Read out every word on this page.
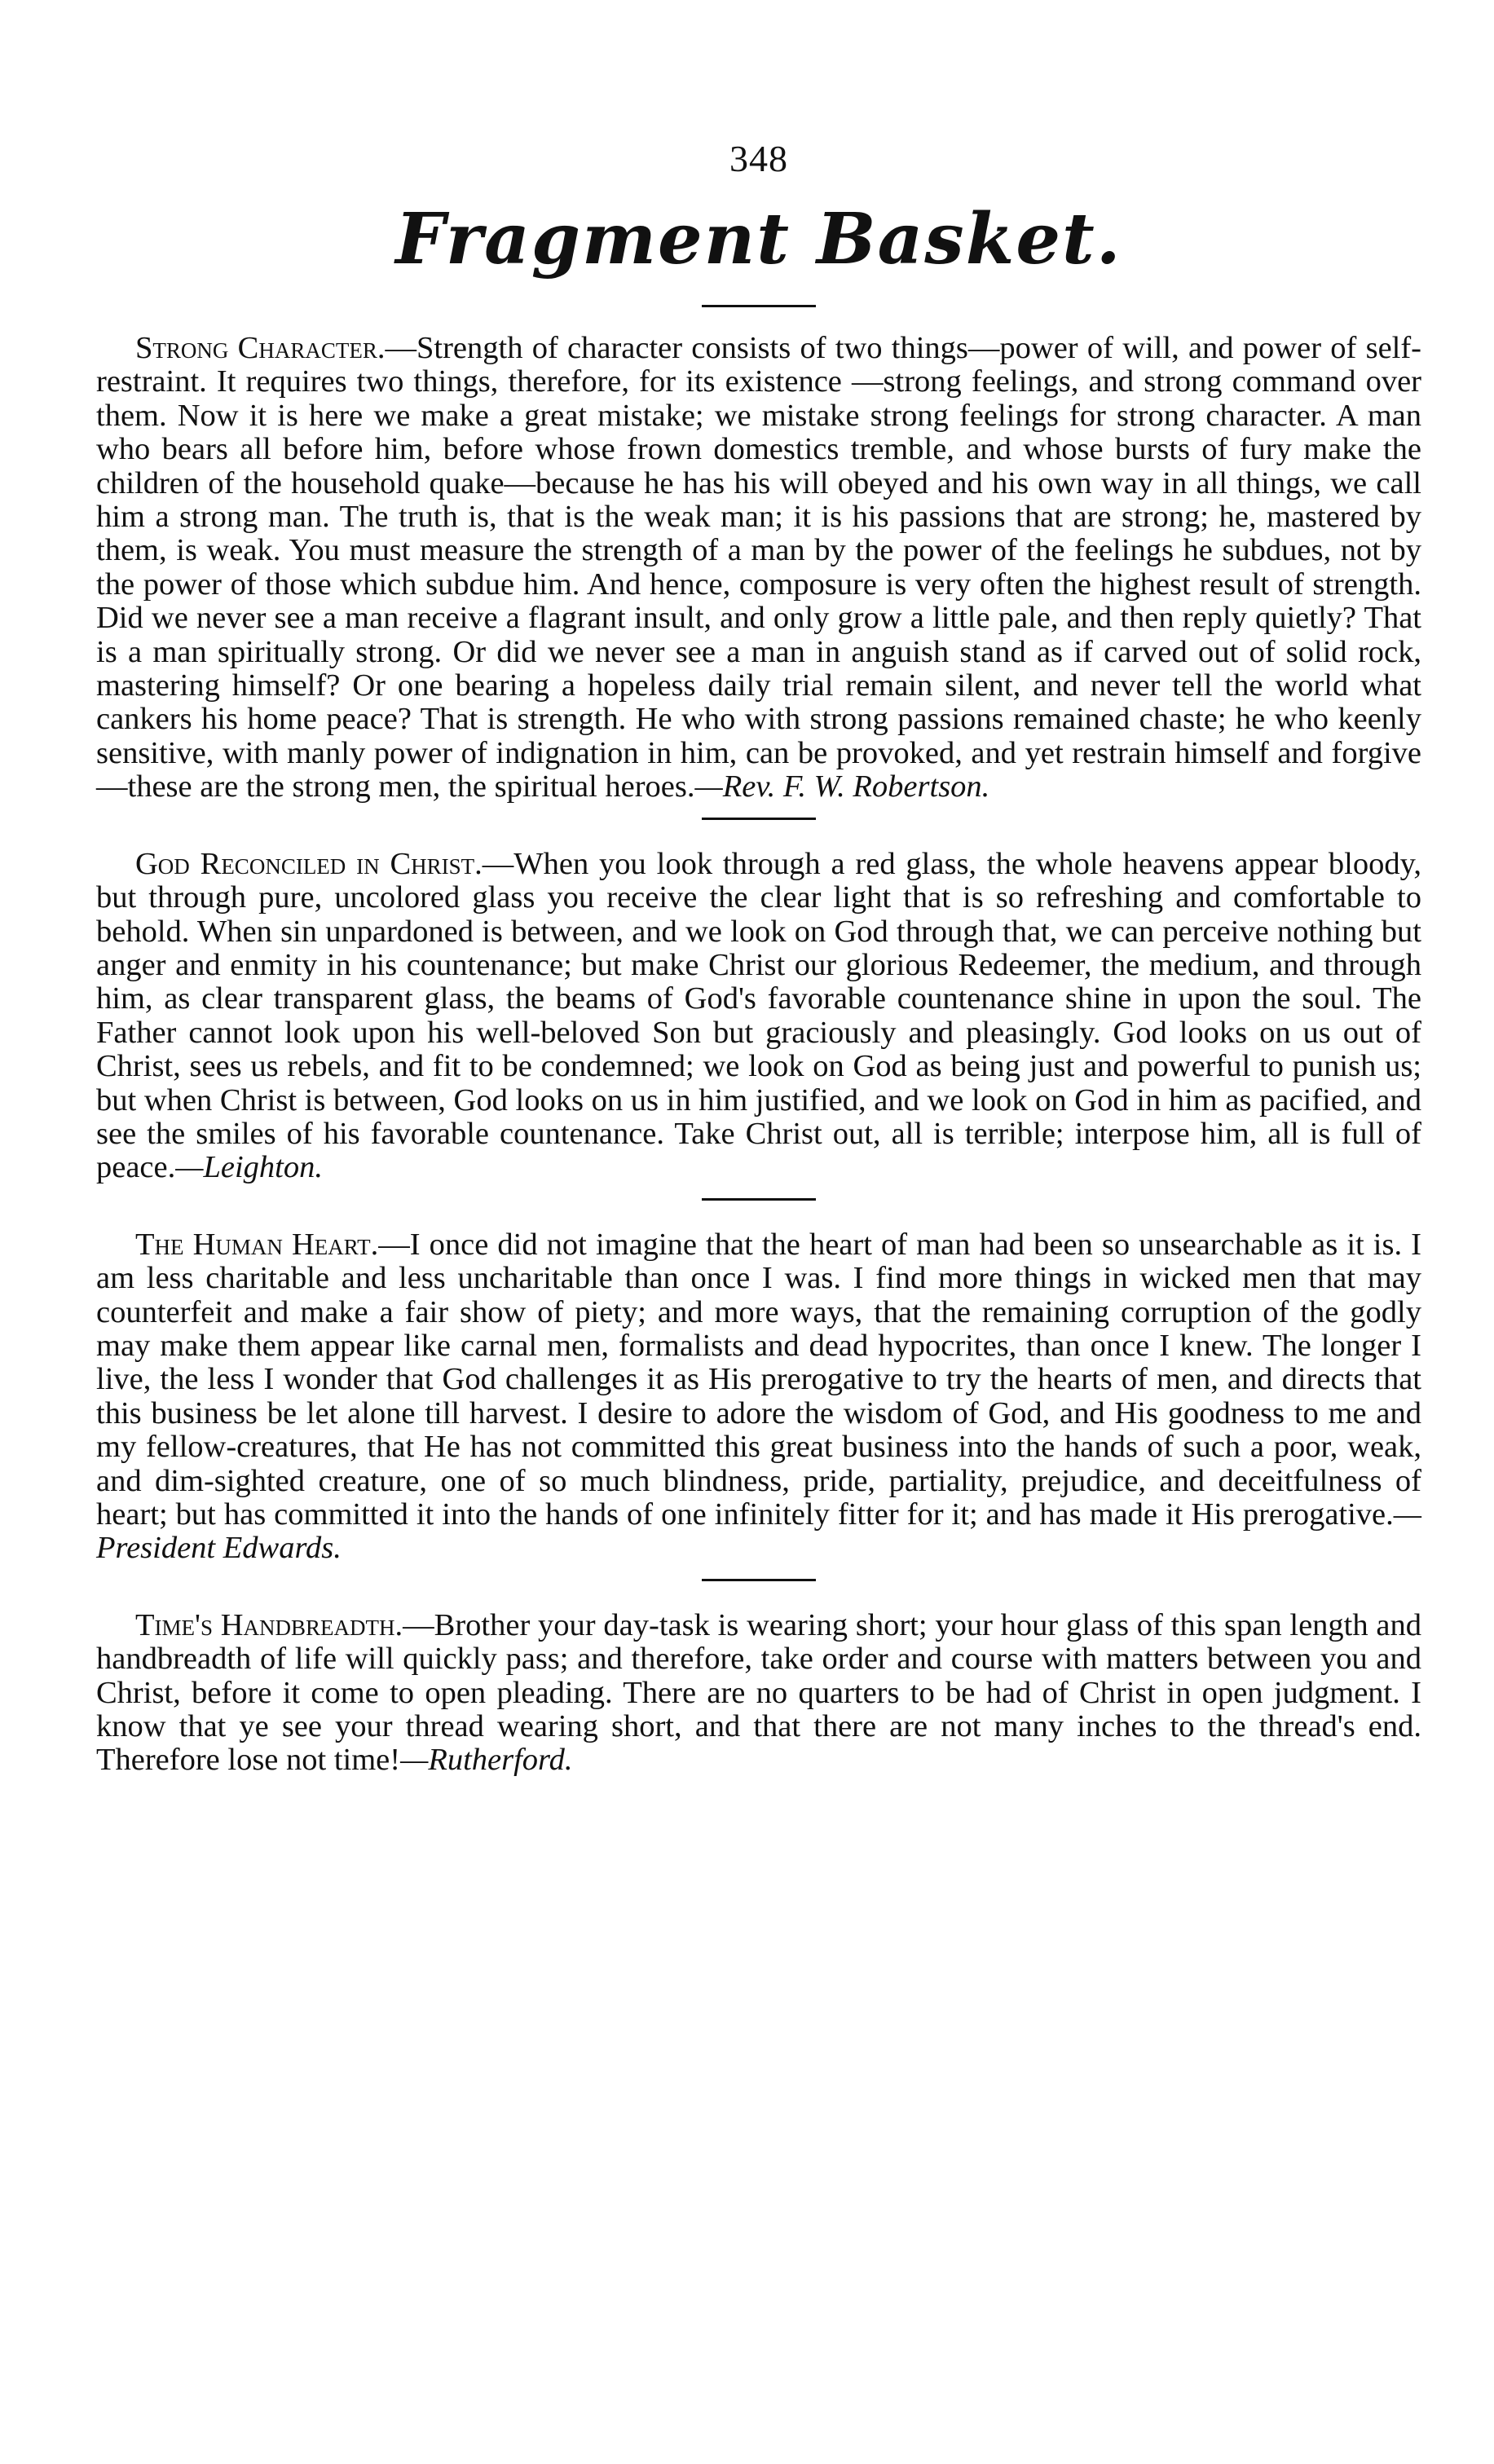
348
Fragment Basket.

Strong Character.—Strength of character consists of two things—power of will, and power of self-restraint. It requires two things, therefore, for its existence —strong feelings, and strong command over them. Now it is here we make a great mistake; we mistake strong feelings for strong character. A man who bears all before him, before whose frown domestics tremble, and whose bursts of fury make the children of the household quake—because he has his will obeyed and his own way in all things, we call him a strong man. The truth is, that is the weak man; it is his passions that are strong; he, mastered by them, is weak. You must measure the strength of a man by the power of the feelings he subdues, not by the power of those which subdue him. And hence, composure is very often the highest result of strength. Did we never see a man receive a flagrant insult, and only grow a little pale, and then reply quietly? That is a man spiritually strong. Or did we never see a man in anguish stand as if carved out of solid rock, mastering himself? Or one bearing a hopeless daily trial remain silent, and never tell the world what cankers his home peace? That is strength. He who with strong passions remained chaste; he who keenly sensitive, with manly power of indignation in him, can be provoked, and yet restrain himself and forgive—these are the strong men, the spiritual heroes.—Rev. F. W. Robertson.

God Reconciled in Christ.—When you look through a red glass, the whole heavens appear bloody, but through pure, uncolored glass you receive the clear light that is so refreshing and comfortable to behold. When sin unpardoned is between, and we look on God through that, we can perceive nothing but anger and enmity in his countenance; but make Christ our glorious Redeemer, the medium, and through him, as clear transparent glass, the beams of God's favorable countenance shine in upon the soul. The Father cannot look upon his well-beloved Son but graciously and pleasingly. God looks on us out of Christ, sees us rebels, and fit to be condemned; we look on God as being just and powerful to punish us; but when Christ is between, God looks on us in him justified, and we look on God in him as pacified, and see the smiles of his favorable countenance. Take Christ out, all is terrible; interpose him, all is full of peace.—Leighton.

The Human Heart.—I once did not imagine that the heart of man had been so unsearchable as it is. I am less charitable and less uncharitable than once I was. I find more things in wicked men that may counterfeit and make a fair show of piety; and more ways, that the remaining corruption of the godly may make them appear like carnal men, formalists and dead hypocrites, than once I knew. The longer I live, the less I wonder that God challenges it as His prerogative to try the hearts of men, and directs that this business be let alone till harvest. I desire to adore the wisdom of God, and His goodness to me and my fellow-creatures, that He has not committed this great business into the hands of such a poor, weak, and dim-sighted creature, one of so much blindness, pride, partiality, prejudice, and deceitfulness of heart; but has committed it into the hands of one infinitely fitter for it; and has made it His prerogative.—President Edwards.

Time's Handbreadth.—Brother your day-task is wearing short; your hour glass of this span length and handbreadth of life will quickly pass; and therefore, take order and course with matters between you and Christ, before it come to open pleading. There are no quarters to be had of Christ in open judgment. I know that ye see your thread wearing short, and that there are not many inches to the thread's end. Therefore lose not time!—Rutherford.
